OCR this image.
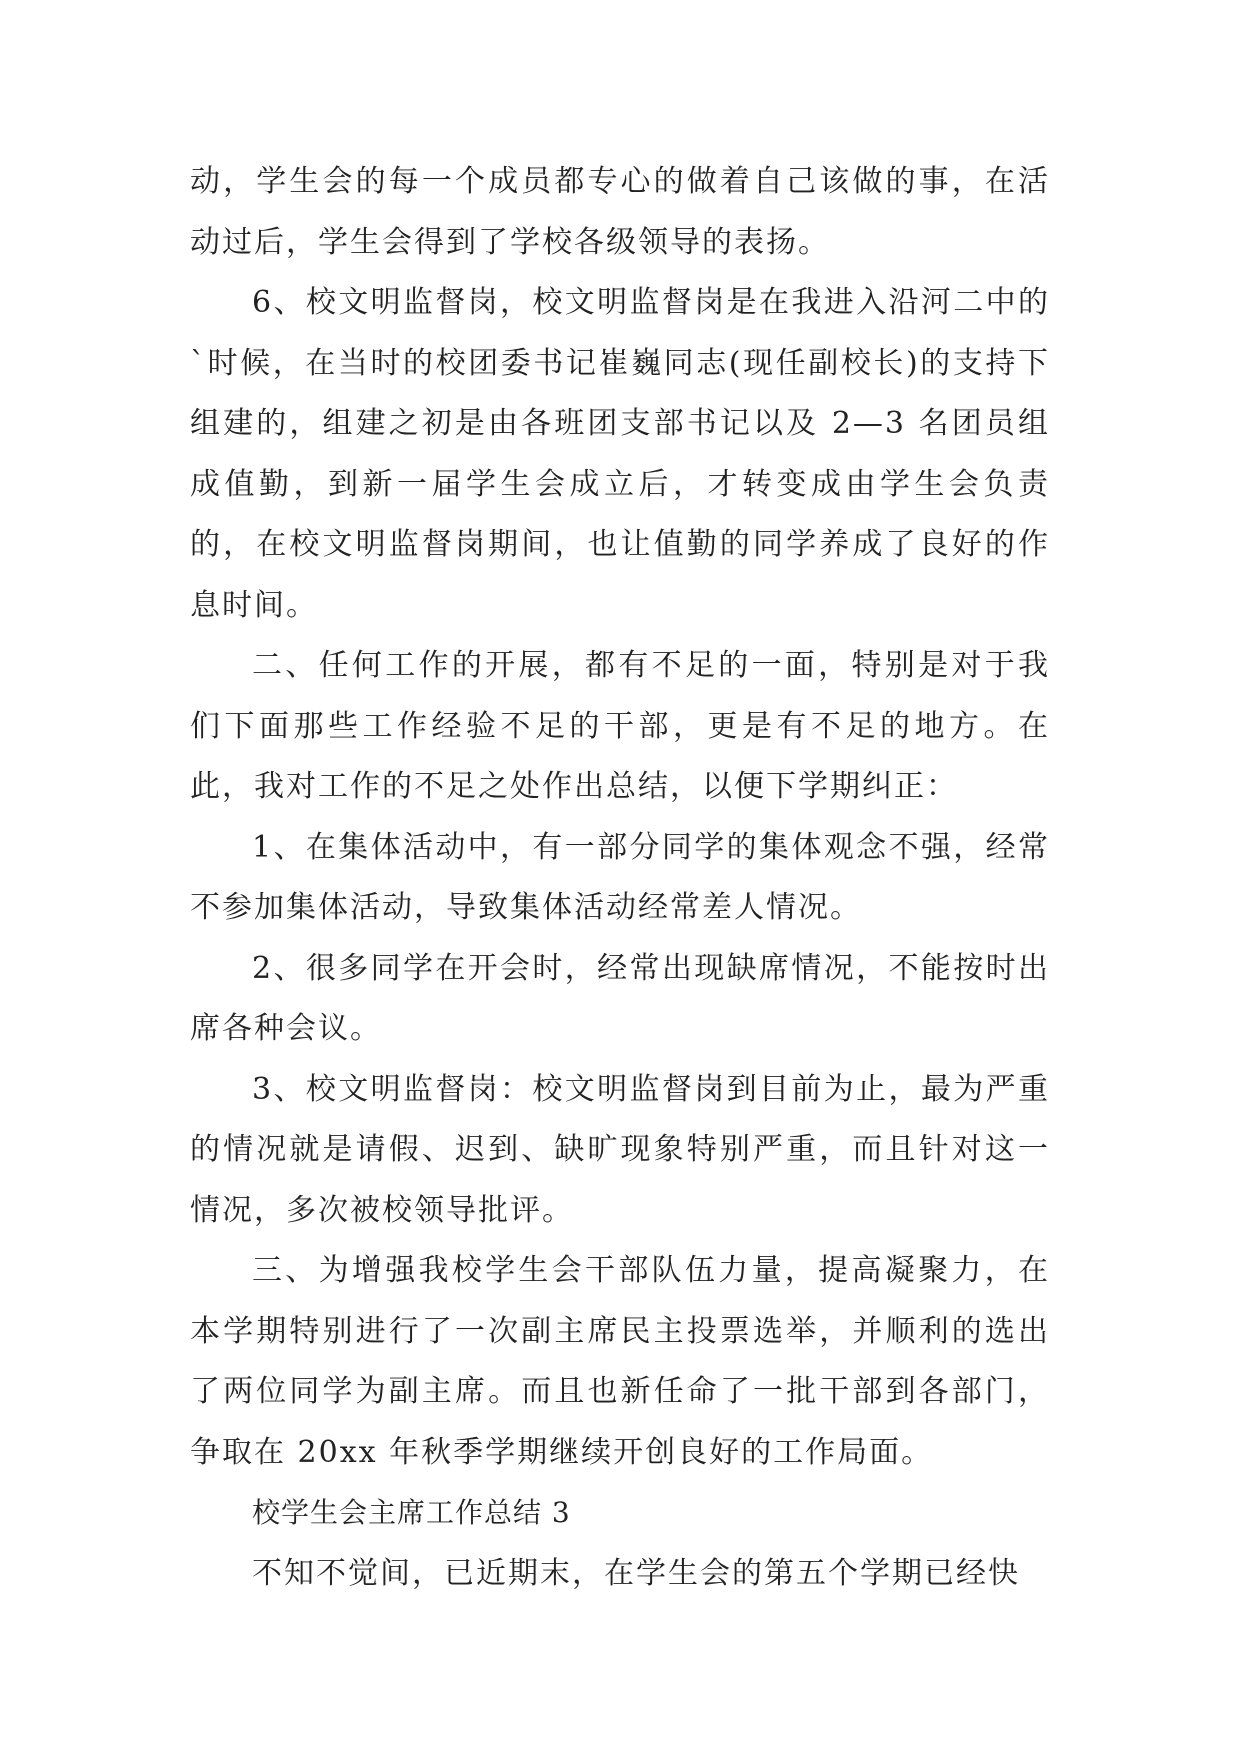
动，学生会的每一个成员都专心的做着自己该做的事，在活动过后，学生会得到了学校各级领导的表扬。

6、校文明监督岗，校文明监督岗是在我进入沿河二中的`时候，在当时的校团委书记崔巍同志(现任副校长)的支持下组建的，组建之初是由各班团支部书记以及 2—3 名团员组成值勤，到新一届学生会成立后，才转变成由学生会负责的，在校文明监督岗期间，也让值勤的同学养成了良好的作息时间。

二、任何工作的开展，都有不足的一面，特别是对于我们下面那些工作经验不足的干部，更是有不足的地方。在此，我对工作的不足之处作出总结，以便下学期纠正：

1、在集体活动中，有一部分同学的集体观念不强，经常不参加集体活动，导致集体活动经常差人情况。

2、很多同学在开会时，经常出现缺席情况，不能按时出席各种会议。

3、校文明监督岗：校文明监督岗到目前为止，最为严重的情况就是请假、迟到、缺旷现象特别严重，而且针对这一情况，多次被校领导批评。

三、为增强我校学生会干部队伍力量，提高凝聚力，在本学期特别进行了一次副主席民主投票选举，并顺利的选出了两位同学为副主席。而且也新任命了一批干部到各部门，争取在 20xx 年秋季学期继续开创良好的工作局面。

校学生会主席工作总结 3

不知不觉间，已近期末，在学生会的第五个学期已经快
